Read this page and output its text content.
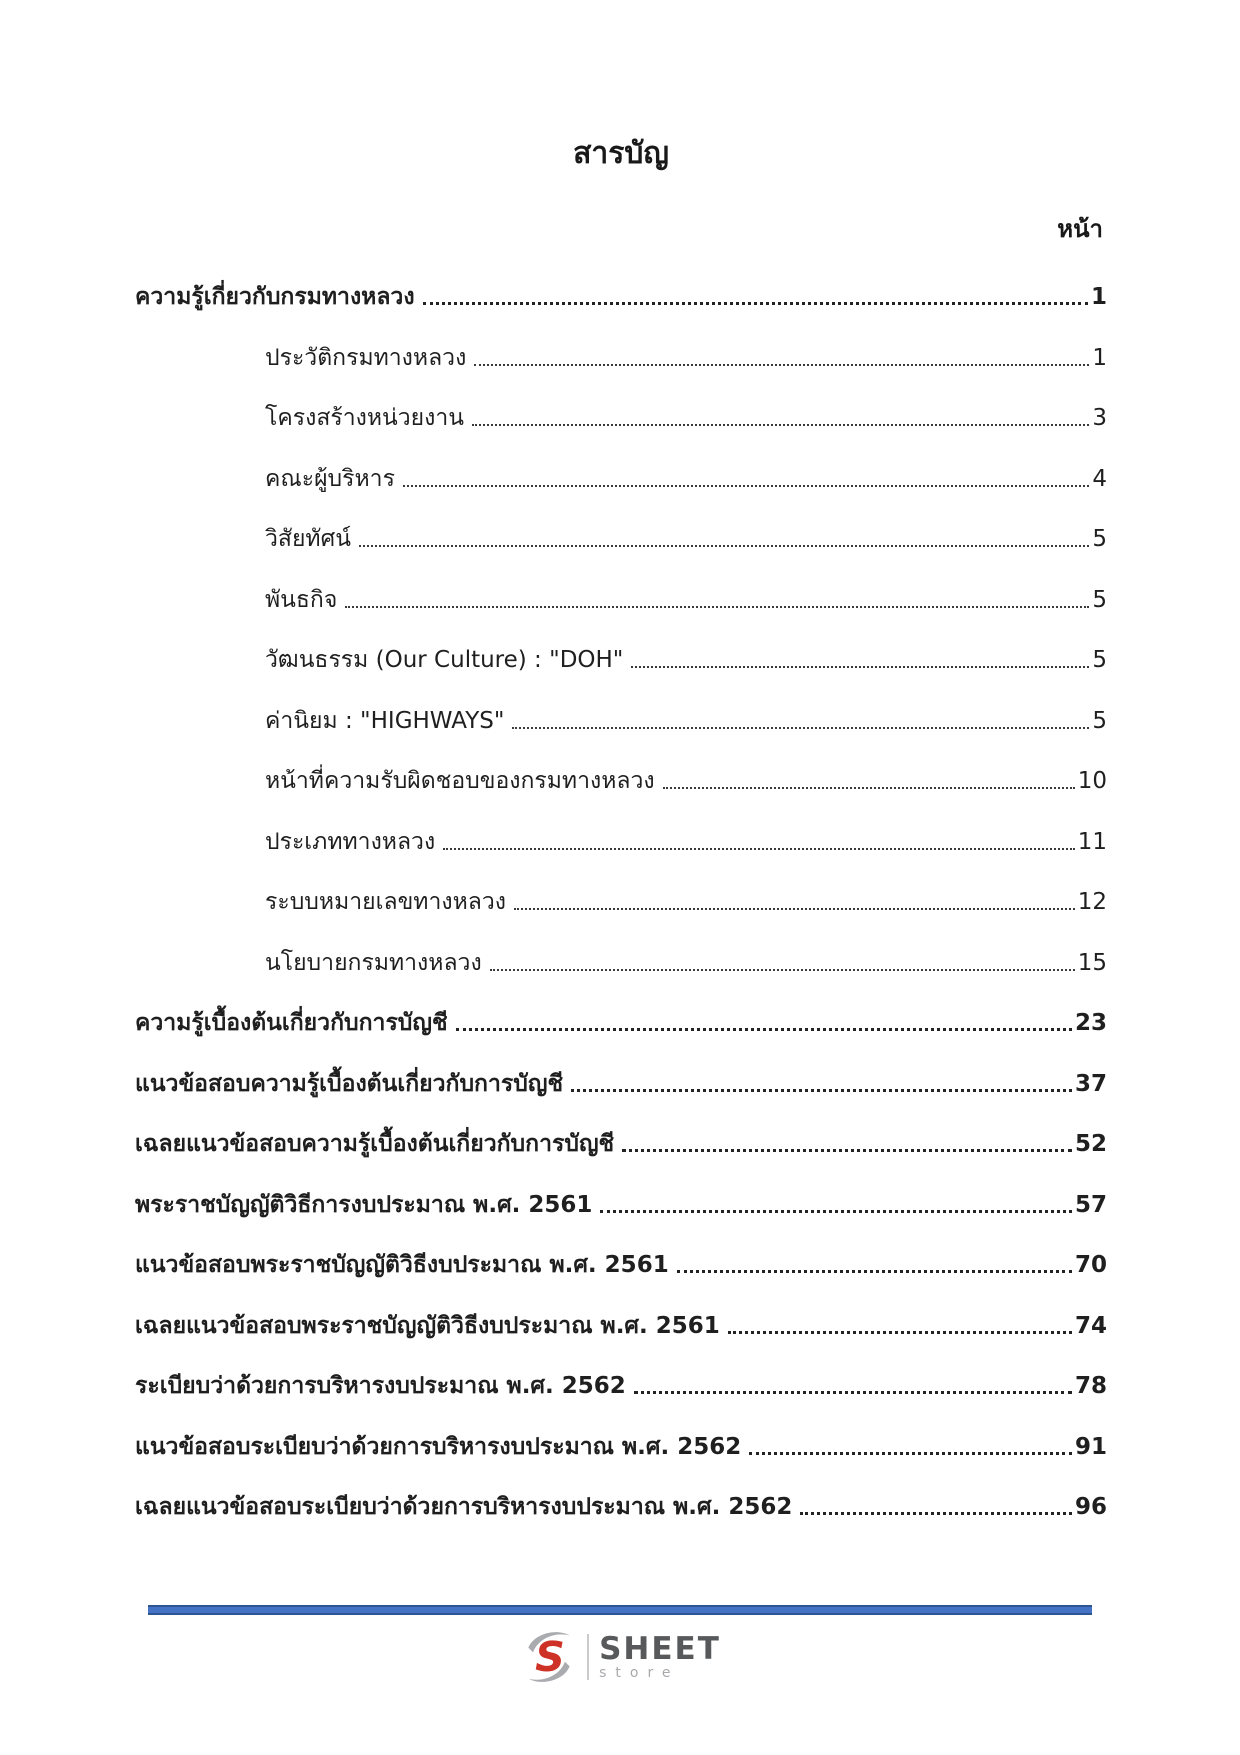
สารบัญ
หน้า
ความรู้เกี่ยวกับกรมทางหลวง	1
ประวัติกรมทางหลวง	1
โครงสร้างหน่วยงาน	3
คณะผู้บริหาร	4
วิสัยทัศน์	5
พันธกิจ	5
วัฒนธรรม (Our Culture) : "DOH"	5
ค่านิยม : "HIGHWAYS"	5
หน้าที่ความรับผิดชอบของกรมทางหลวง	10
ประเภททางหลวง	11
ระบบหมายเลขทางหลวง	12
นโยบายกรมทางหลวง	15
ความรู้เบื้องต้นเกี่ยวกับการบัญชี	23
แนวข้อสอบความรู้เบื้องต้นเกี่ยวกับการบัญชี	37
เฉลยแนวข้อสอบความรู้เบื้องต้นเกี่ยวกับการบัญชี	52
พระราชบัญญัติวิธีการงบประมาณ พ.ศ. 2561	57
แนวข้อสอบพระราชบัญญัติวิธีงบประมาณ พ.ศ. 2561	70
เฉลยแนวข้อสอบพระราชบัญญัติวิธีงบประมาณ พ.ศ. 2561	74
ระเบียบว่าด้วยการบริหารงบประมาณ พ.ศ. 2562	78
แนวข้อสอบระเบียบว่าด้วยการบริหารงบประมาณ พ.ศ. 2562	91
เฉลยแนวข้อสอบระเบียบว่าด้วยการบริหารงบประมาณ พ.ศ. 2562	96
S SHEET
store
